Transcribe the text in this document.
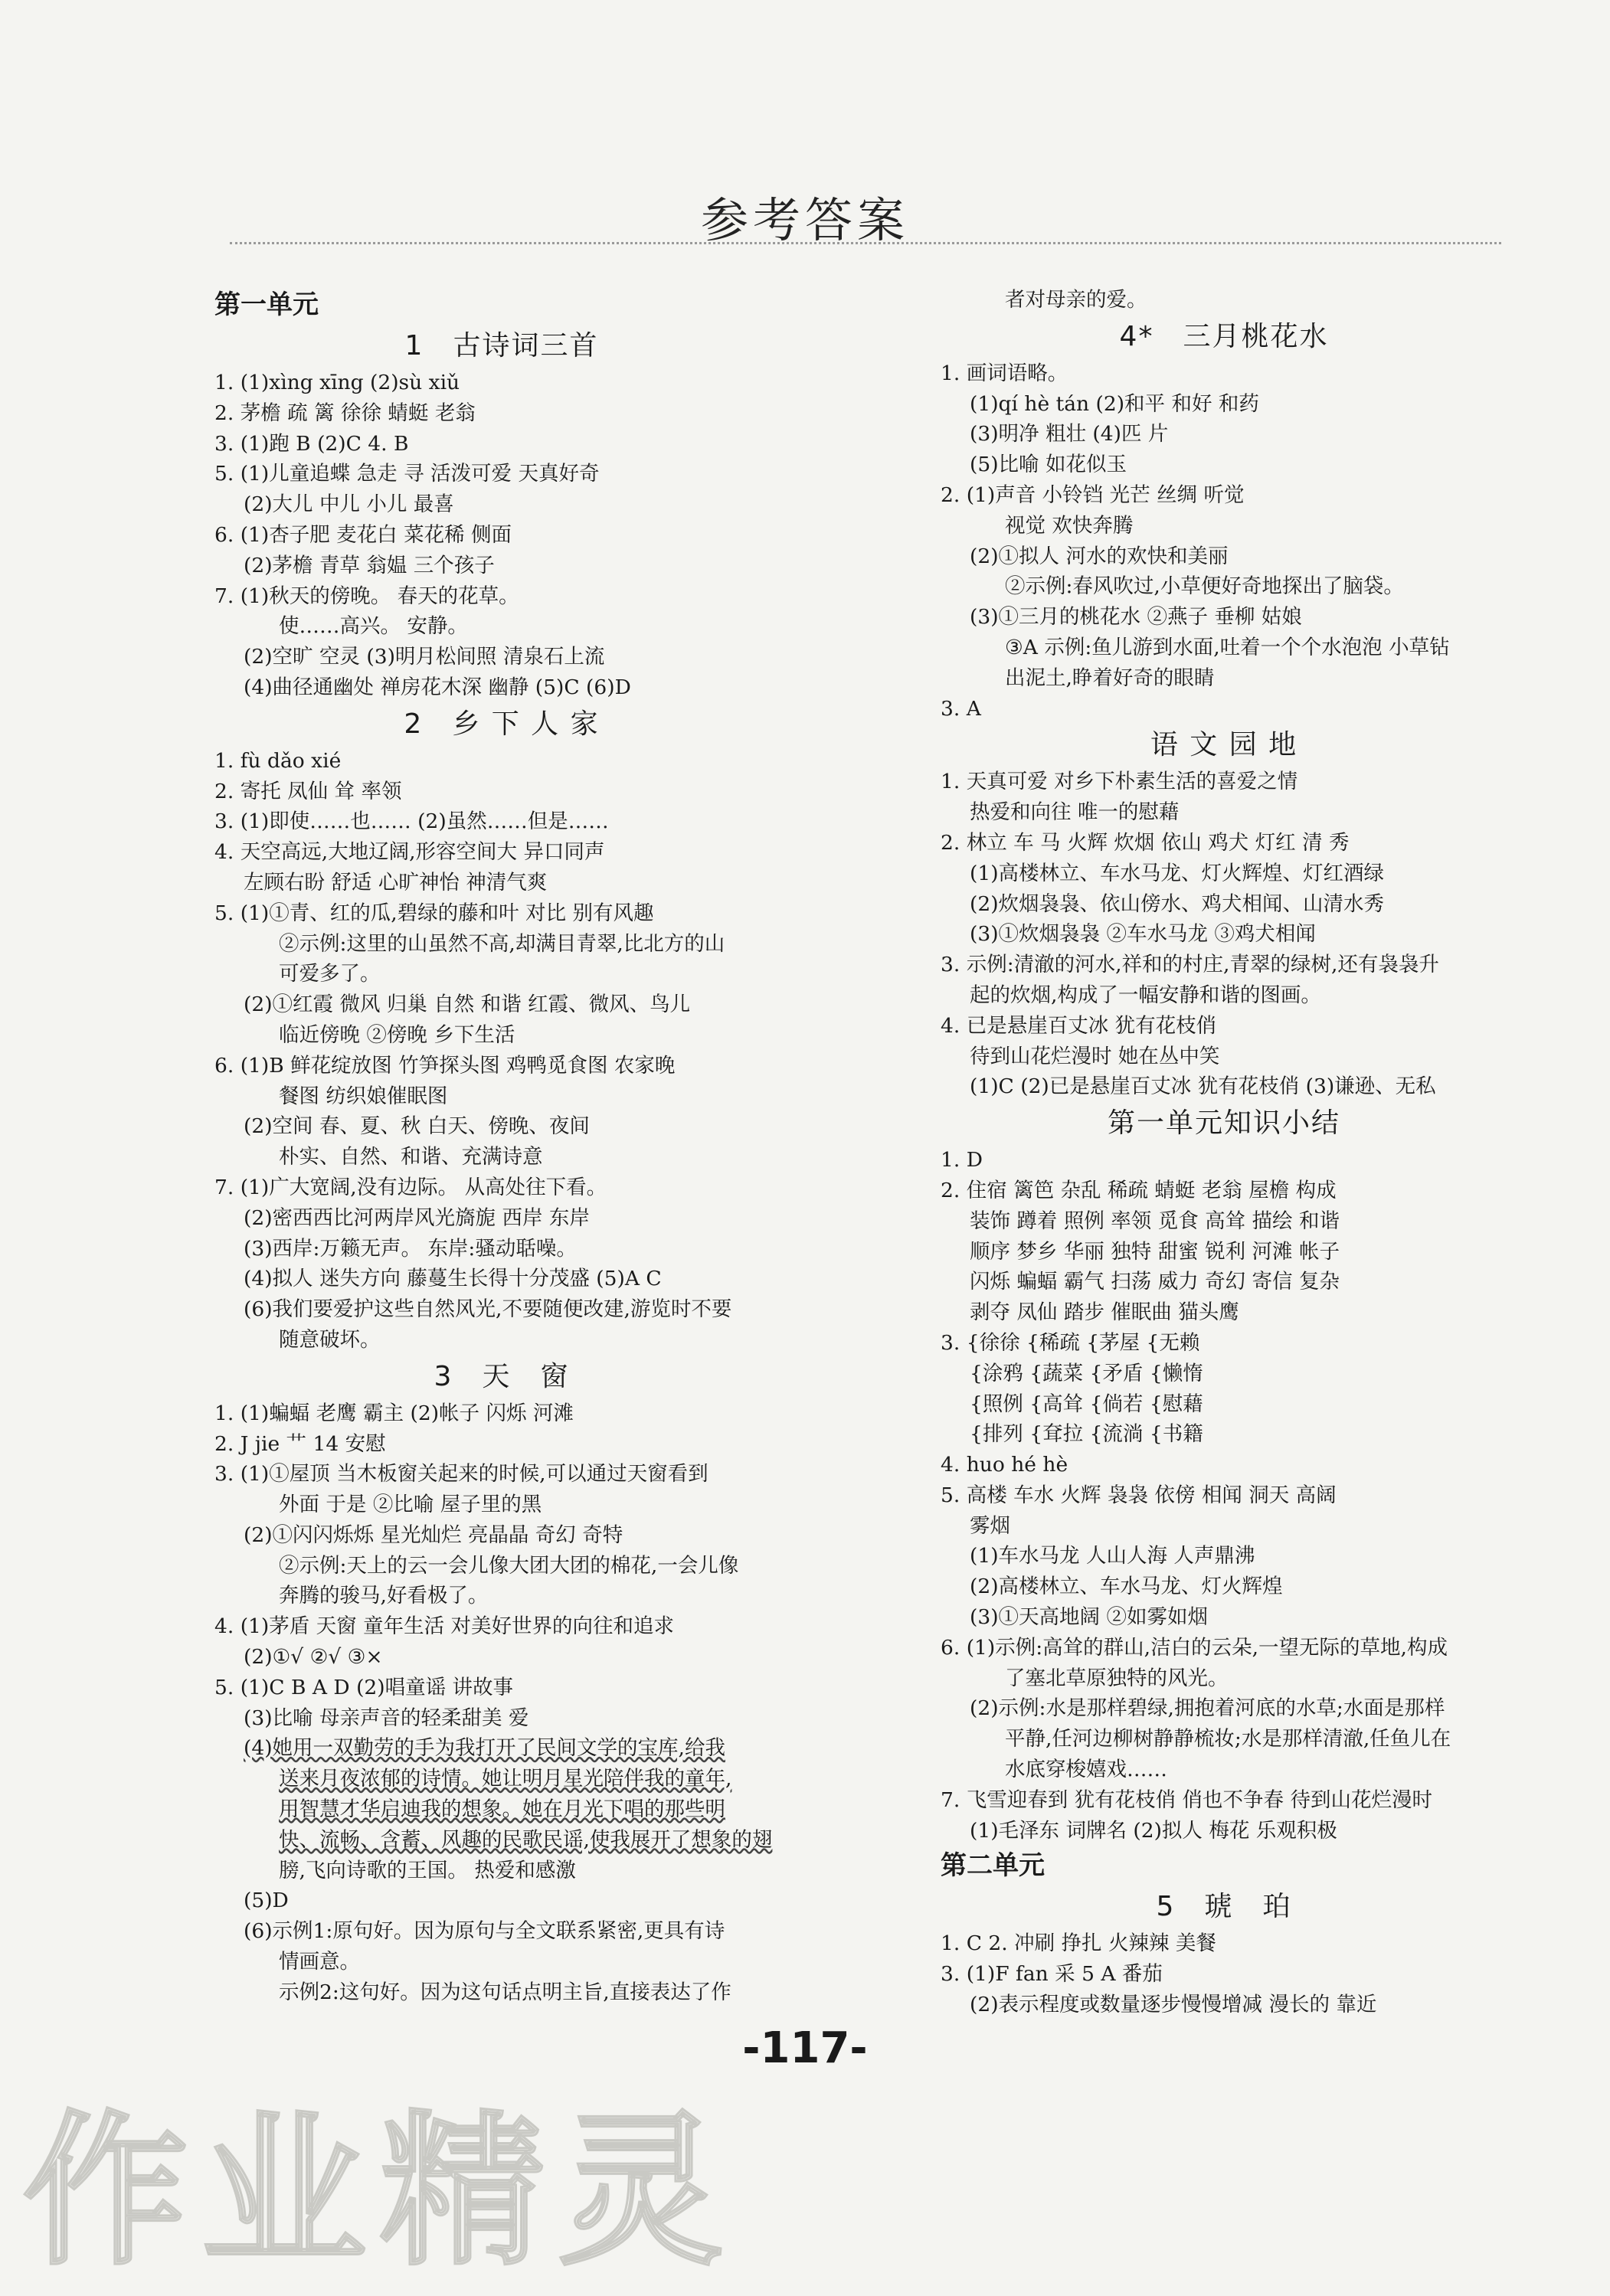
参考答案
第一单元
1　古诗词三首
1. (1)xìng xīng (2)sù xiǔ
2. 茅檐 疏 篱 徐徐 蜻蜓 老翁
3. (1)跑 B (2)C 4. B
5. (1)儿童追蝶 急走 寻 活泼可爱 天真好奇
(2)大儿 中儿 小儿 最喜
6. (1)杏子肥 麦花白 菜花稀 侧面
(2)茅檐 青草 翁媪 三个孩子
7. (1)秋天的傍晚。 春天的花草。
使……高兴。 安静。
(2)空旷 空灵 (3)明月松间照 清泉石上流
(4)曲径通幽处 禅房花木深 幽静 (5)C (6)D
2　乡 下 人 家
1. fù dǎo xié
2. 寄托 凤仙 耸 率领
3. (1)即使……也…… (2)虽然……但是……
4. 天空高远,大地辽阔,形容空间大 异口同声
左顾右盼 舒适 心旷神怡 神清气爽
5. (1)①青、红的瓜,碧绿的藤和叶 对比 别有风趣
②示例:这里的山虽然不高,却满目青翠,比北方的山
可爱多了。
(2)①红霞 微风 归巢 自然 和谐 红霞、微风、鸟儿
临近傍晚 ②傍晚 乡下生活
6. (1)B 鲜花绽放图 竹笋探头图 鸡鸭觅食图 农家晚
餐图 纺织娘催眠图
(2)空间 春、夏、秋 白天、傍晚、夜间
朴实、自然、和谐、充满诗意
7. (1)广大宽阔,没有边际。 从高处往下看。
(2)密西西比河两岸风光旖旎 西岸 东岸
(3)西岸:万籁无声。 东岸:骚动聒噪。
(4)拟人 迷失方向 藤蔓生长得十分茂盛 (5)A C
(6)我们要爱护这些自然风光,不要随便改建,游览时不要
随意破坏。
3　天　窗
1. (1)蝙蝠 老鹰 霸主 (2)帐子 闪烁 河滩
2. J jie 艹 14 安慰
3. (1)①屋顶 当木板窗关起来的时候,可以通过天窗看到
外面 于是 ②比喻 屋子里的黑
(2)①闪闪烁烁 星光灿烂 亮晶晶 奇幻 奇特
②示例:天上的云一会儿像大团大团的棉花,一会儿像
奔腾的骏马,好看极了。
4. (1)茅盾 天窗 童年生活 对美好世界的向往和追求
(2)①√ ②√ ③×
5. (1)C B A D (2)唱童谣 讲故事
(3)比喻 母亲声音的轻柔甜美 爱
(4)她用一双勤劳的手为我打开了民间文学的宝库,给我
送来月夜浓郁的诗情。她让明月星光陪伴我的童年,
用智慧才华启迪我的想象。她在月光下唱的那些明
快、流畅、含蓄、风趣的民歌民谣,使我展开了想象的翅
膀,飞向诗歌的王国。 热爱和感激
(5)D
(6)示例1:原句好。因为原句与全文联系紧密,更具有诗
情画意。
示例2:这句好。因为这句话点明主旨,直接表达了作
者对母亲的爱。
4*　三月桃花水
1. 画词语略。
(1)qí hè tán (2)和平 和好 和药
(3)明净 粗壮 (4)匹 片
(5)比喻 如花似玉
2. (1)声音 小铃铛 光芒 丝绸 听觉
视觉 欢快奔腾
(2)①拟人 河水的欢快和美丽
②示例:春风吹过,小草便好奇地探出了脑袋。
(3)①三月的桃花水 ②燕子 垂柳 姑娘
③A 示例:鱼儿游到水面,吐着一个个水泡泡 小草钻
出泥土,睁着好奇的眼睛
3. A
语 文 园 地
1. 天真可爱 对乡下朴素生活的喜爱之情
热爱和向往 唯一的慰藉
2. 林立 车 马 火辉 炊烟 依山 鸡犬 灯红 清 秀
(1)高楼林立、车水马龙、灯火辉煌、灯红酒绿
(2)炊烟袅袅、依山傍水、鸡犬相闻、山清水秀
(3)①炊烟袅袅 ②车水马龙 ③鸡犬相闻
3. 示例:清澈的河水,祥和的村庄,青翠的绿树,还有袅袅升
起的炊烟,构成了一幅安静和谐的图画。
4. 已是悬崖百丈冰 犹有花枝俏
待到山花烂漫时 她在丛中笑
(1)C (2)已是悬崖百丈冰 犹有花枝俏 (3)谦逊、无私
第一单元知识小结
1. D
2. 住宿 篱笆 杂乱 稀疏 蜻蜓 老翁 屋檐 构成
装饰 蹲着 照例 率领 觅食 高耸 描绘 和谐
顺序 梦乡 华丽 独特 甜蜜 锐利 河滩 帐子
闪烁 蝙蝠 霸气 扫荡 威力 奇幻 寄信 复杂
剥夺 凤仙 踏步 催眠曲 猫头鹰
3. {徐徐 {稀疏 {茅屋 {无赖
{涂鸦 {蔬菜 {矛盾 {懒惰
{照例 {高耸 {倘若 {慰藉
{排列 {耷拉 {流淌 {书籍
4. huo hé hè
5. 高楼 车水 火辉 袅袅 依傍 相闻 洞天 高阔
雾烟
(1)车水马龙 人山人海 人声鼎沸
(2)高楼林立、车水马龙、灯火辉煌
(3)①天高地阔 ②如雾如烟
6. (1)示例:高耸的群山,洁白的云朵,一望无际的草地,构成
了塞北草原独特的风光。
(2)示例:水是那样碧绿,拥抱着河底的水草;水面是那样
平静,任河边柳树静静梳妆;水是那样清澈,任鱼儿在
水底穿梭嬉戏……
7. 飞雪迎春到 犹有花枝俏 俏也不争春 待到山花烂漫时
(1)毛泽东 词牌名 (2)拟人 梅花 乐观积极
第二单元
5　琥　珀
1. C 2. 冲刷 挣扎 火辣辣 美餐
3. (1)F fan 采 5 A 番茄
(2)表示程度或数量逐步慢慢增减 漫长的 靠近
-117-
作业精灵
